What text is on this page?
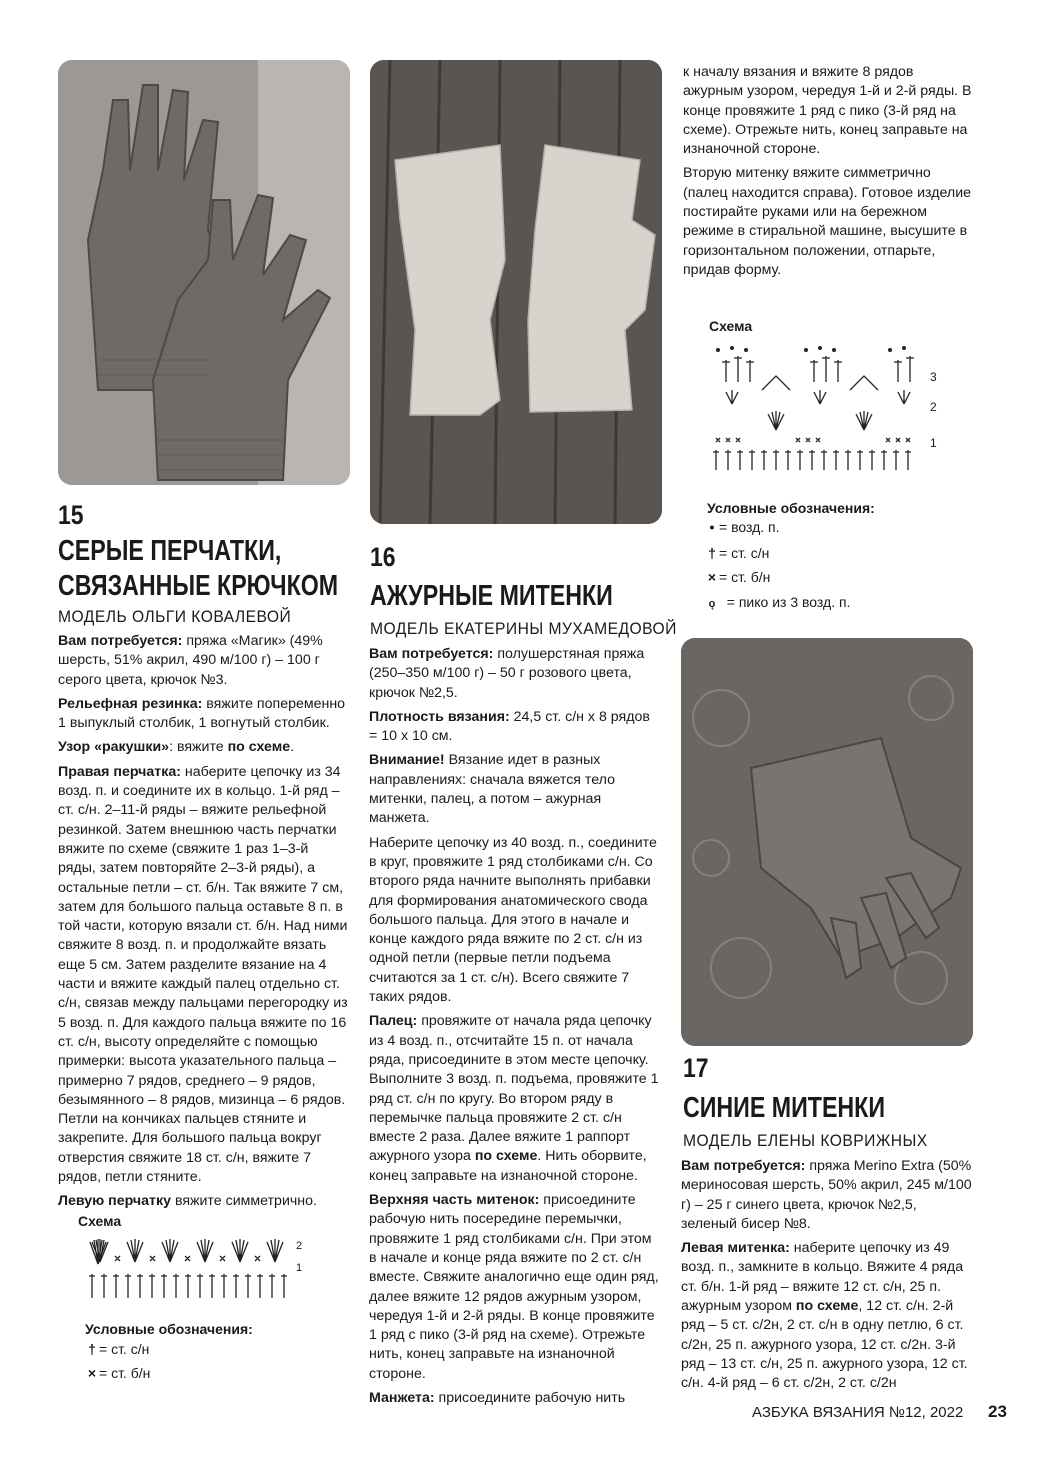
15
СЕРЫЕ ПЕРЧАТКИ,
СВЯЗАННЫЕ КРЮЧКОМ
МОДЕЛЬ ОЛЬГИ КОВАЛЕВОЙ

Вам потребуется: пряжа «Магик» (49% шерсть, 51% акрил, 490 м/100 г) – 100 г серого цвета, крючок №3.

Рельефная резинка: вяжите попеременно 1 выпуклый столбик, 1 вогнутый столбик.

Узор «ракушки»: вяжите по схеме.

Правая перчатка: наберите цепочку из 34 возд. п. и соедините их в кольцо. 1-й ряд – ст. с/н. 2–11-й ряды – вяжите рельефной резинкой. Затем внешнюю часть перчатки вяжите по схеме (свяжите 1 раз 1–3-й ряды, затем повторяйте 2–3-й ряды), а остальные петли – ст. б/н. Так вяжите 7 см, затем для большого пальца оставьте 8 п. в той части, которую вязали ст. б/н. Над ними свяжите 8 возд. п. и продолжайте вязать еще 5 см. Затем разделите вязание на 4 части и вяжите каждый палец отдельно ст. с/н, связав между пальцами перегородку из 5 возд. п. Для каждого пальца вяжите по 16 ст. с/н, высоту определяйте с помощью примерки: высота указательного пальца – примерно 7 рядов, среднего – 9 рядов, безымянного – 8 рядов, мизинца – 6 рядов. Петли на кончиках пальцев стяните и закрепите. Для большого пальца вокруг отверстия свяжите 18 ст. с/н, вяжите 7 рядов, петли стяните.

Левую перчатку вяжите симметрично.

Схема
2
1
Условные обозначения:
† = ст. с/н
× = ст. б/н
16
АЖУРНЫЕ МИТЕНКИ
МОДЕЛЬ ЕКАТЕРИНЫ МУХАМЕДОВОЙ

Вам потребуется: полушерстяная пряжа (250–350 м/100 г) – 50 г розового цвета, крючок №2,5.

Плотность вязания: 24,5 ст. с/н х 8 рядов = 10 х 10 см.

Внимание! Вязание идет в разных направлениях: сначала вяжется тело митенки, палец, а потом – ажурная манжета.

Наберите цепочку из 40 возд. п., соедините в круг, провяжите 1 ряд столбиками с/н. Со второго ряда начните выполнять прибавки для формирования анатомического свода большого пальца. Для этого в начале и конце каждого ряда вяжите по 2 ст. с/н из одной петли (первые петли подъема считаются за 1 ст. с/н). Всего свяжите 7 таких рядов.

Палец: провяжите от начала ряда цепочку из 4 возд. п., отсчитайте 15 п. от начала ряда, присоедините в этом месте цепочку. Выполните 3 возд. п. подъема, провяжите 1 ряд ст. с/н по кругу. Во втором ряду в перемычке пальца провяжите 2 ст. с/н вместе 2 раза. Далее вяжите 1 раппорт ажурного узора по схеме. Нить оборвите, конец заправьте на изнаночной стороне.

Верхняя часть митенок: присоедините рабочую нить посередине перемычки, провяжите 1 ряд столбиками с/н. При этом в начале и конце ряда вяжите по 2 ст. с/н вместе. Свяжите аналогично еще один ряд, далее вяжите 12 рядов ажурным узором, чередуя 1-й и 2-й ряды. В конце провяжите 1 ряд с пико (3-й ряд на схеме). Отрежьте нить, конец заправьте на изнаночной стороне.

Манжета: присоедините рабочую нить

к началу вязания и вяжите 8 рядов ажурным узором, чередуя 1-й и 2-й ряды. В конце провяжите 1 ряд с пико (3-й ряд на схеме). Отрежьте нить, конец заправьте на изнаночной стороне.

Вторую митенку вяжите симметрично (палец находится справа). Готовое изделие постирайте руками или на бережном режиме в стиральной машине, высушите в горизонтальном положении, отпарьте, придав форму.

Схема
3
2
1
Условные обозначения:
• = возд. п.
† = ст. с/н
× = ст. б/н
ǫ = пико из 3 возд. п.
17
СИНИЕ МИТЕНКИ
МОДЕЛЬ ЕЛЕНЫ КОВРИЖНЫХ

Вам потребуется: пряжа Merino Extra (50% мериносовая шерсть, 50% акрил, 245 м/100 г) – 25 г синего цвета, крючок №2,5, зеленый бисер №8.

Левая митенка: наберите цепочку из 49 возд. п., замкните в кольцо. Вяжите 4 ряда ст. б/н. 1-й ряд – вяжите 12 ст. с/н, 25 п. ажурным узором по схеме, 12 ст. с/н. 2-й ряд – 5 ст. с/2н, 2 ст. с/н в одну петлю, 6 ст. с/2н, 25 п. ажурного узора, 12 ст. с/2н. 3-й ряд – 13 ст. с/н, 25 п. ажурного узора, 12 ст. с/н. 4-й ряд – 6 ст. с/2н, 2 ст. с/2н

АЗБУКА ВЯЗАНИЯ №12, 2022 23
